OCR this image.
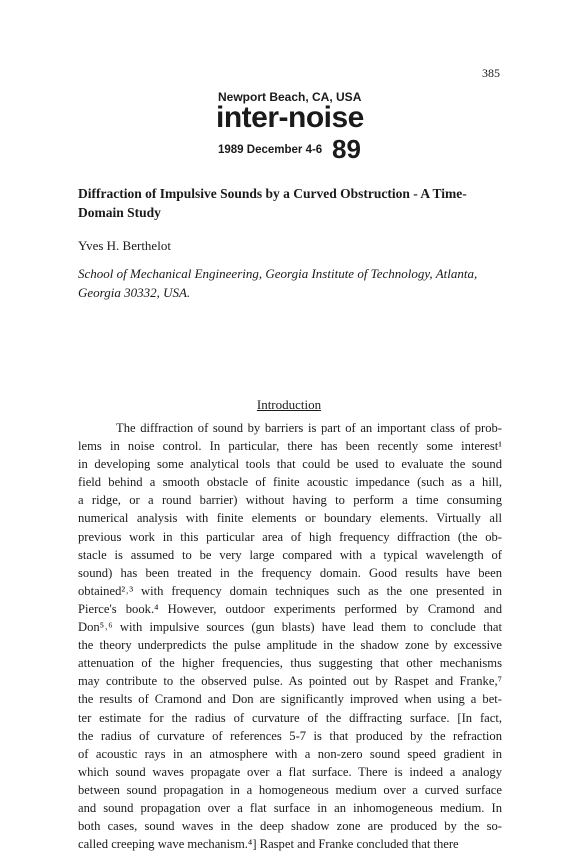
385
Newport Beach, CA, USA
inter-noise
1989 December 4-6 89
Diffraction of Impulsive Sounds by a Curved Obstruction - A Time-
Domain Study
Yves H. Berthelot
School of Mechanical Engineering, Georgia Institute of Technology, Atlanta,
Georgia 30332, USA.
Introduction
The diffraction of sound by barriers is part of an important class of prob-
lems in noise control. In particular, there has been recently some interest¹
in developing some analytical tools that could be used to evaluate the sound
field behind a smooth obstacle of finite acoustic impedance (such as a hill,
a ridge, or a round barrier) without having to perform a time consuming
numerical analysis with finite elements or boundary elements. Virtually all
previous work in this particular area of high frequency diffraction (the ob-
stacle is assumed to be very large compared with a typical wavelength of
sound) has been treated in the frequency domain. Good results have been
obtained²˒³ with frequency domain techniques such as the one presented in
Pierce's book.⁴ However, outdoor experiments performed by Cramond and
Don⁵˒⁶ with impulsive sources (gun blasts) have lead them to conclude that
the theory underpredicts the pulse amplitude in the shadow zone by excessive
attenuation of the higher frequencies, thus suggesting that other mechanisms
may contribute to the observed pulse. As pointed out by Raspet and Franke,⁷
the results of Cramond and Don are significantly improved when using a bet-
ter estimate for the radius of curvature of the diffracting surface. [In fact,
the radius of curvature of references 5-7 is that produced by the refraction
of acoustic rays in an atmosphere with a non-zero sound speed gradient in
which sound waves propagate over a flat surface. There is indeed a analogy
between sound propagation in a homogeneous medium over a curved surface
and sound propagation over a flat surface in an inhomogeneous medium. In
both cases, sound waves in the deep shadow zone are produced by the so-
called creeping wave mechanism.⁴] Raspet and Franke concluded that there
